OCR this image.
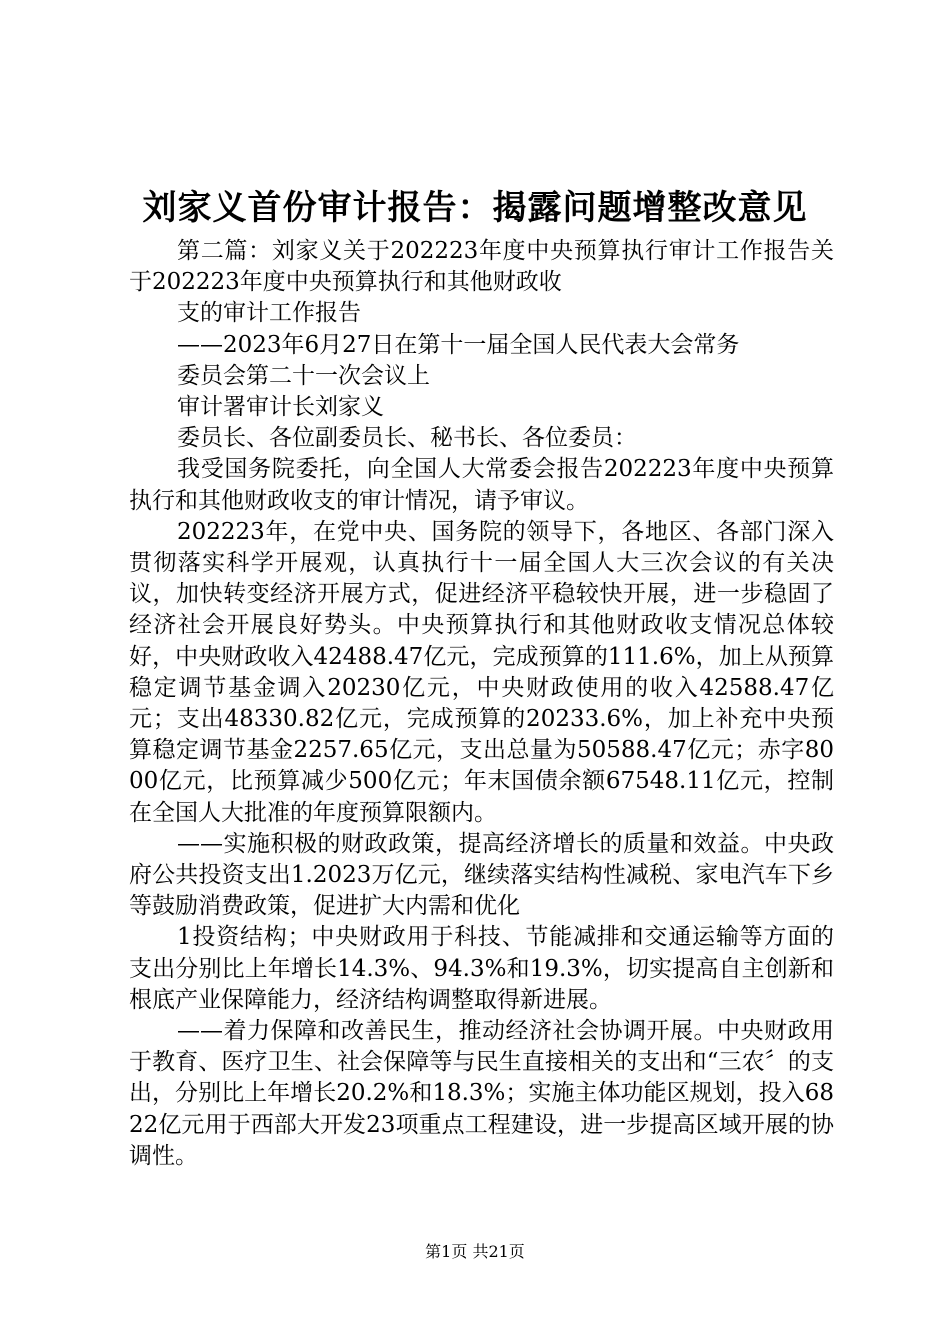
刘家义首份审计报告：揭露问题增整改意见

第二篇：刘家义关于202223年度中央预算执行审计工作报告关于202223年度中央预算执行和其他财政收

支的审计工作报告

——2023年6月27日在第十一届全国人民代表大会常务

委员会第二十一次会议上

审计署审计长刘家义

委员长、各位副委员长、秘书长、各位委员：

我受国务院委托，向全国人大常委会报告202223年度中央预算执行和其他财政收支的审计情况，请予审议。

202223年，在党中央、国务院的领导下，各地区、各部门深入贯彻落实科学开展观，认真执行十一届全国人大三次会议的有关决议，加快转变经济开展方式，促进经济平稳较快开展，进一步稳固了经济社会开展良好势头。中央预算执行和其他财政收支情况总体较好，中央财政收入42488.47亿元，完成预算的111.6%，加上从预算稳定调节基金调入20230亿元，中央财政使用的收入42588.47亿元；支出48330.82亿元，完成预算的20233.6%，加上补充中央预算稳定调节基金2257.65亿元，支出总量为50588.47亿元；赤字8000亿元，比预算减少500亿元；年末国债余额67548.11亿元，控制在全国人大批准的年度预算限额内。

——实施积极的财政政策，提高经济增长的质量和效益。中央政府公共投资支出1.2023万亿元，继续落实结构性减税、家电汽车下乡等鼓励消费政策，促进扩大内需和优化

1投资结构；中央财政用于科技、节能减排和交通运输等方面的支出分别比上年增长14.3%、94.3%和19.3%，切实提高自主创新和根底产业保障能力，经济结构调整取得新进展。

——着力保障和改善民生，推动经济社会协调开展。中央财政用于教育、医疗卫生、社会保障等与民生直接相关的支出和“三农〞的支出，分别比上年增长20.2%和18.3%；实施主体功能区规划，投入6822亿元用于西部大开发23项重点工程建设，进一步提高区域开展的协调性。

第1页 共21页
